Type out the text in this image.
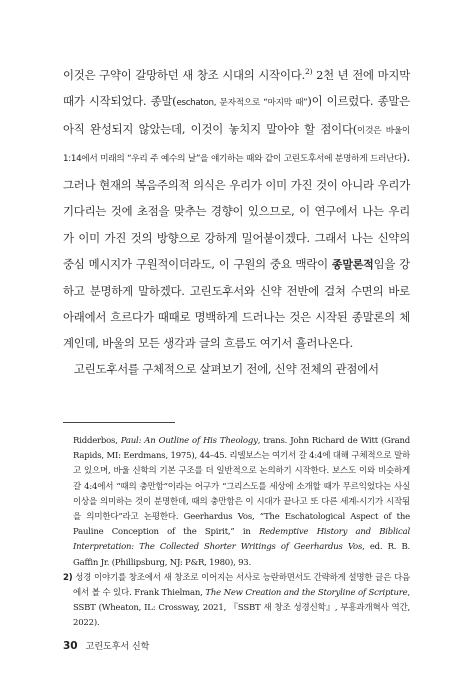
이것은 구약이 갈망하던 새 창조 시대의 시작이다.$^{2)}$ 2천 년 전에 마지막 때가 시작되었다. 종말(eschaton, 문자적으로 “마지막 때”)이 이르렀다. 종말은 아직 완성되지 않았는데, 이것이 놓치지 말아야 할 점이다(이것은 바울이 1:14에서 미래의 “우리 주 예수의 날”을 얘기하는 때와 같이 고린도후서에 분명하게 드러난다). 그러나 현재의 복음주의적 의식은 우리가 이미 가진 것이 아니라 우리가 기다리는 것에 초점을 맞추는 경향이 있으므로, 이 연구에서 나는 우리가 이미 가진 것의 방향으로 강하게 밀어붙이겠다. 그래서 나는 신약의 중심 메시지가 구원적이더라도, 이 구원의 중요 맥락이 종말론적임을 강하고 분명하게 말하겠다. 고린도후서와 신약 전반에 걸쳐 수면의 바로 아래에서 흐르다가 때때로 명백하게 드러나는 것은 시작된 종말론의 체계인데, 바울의 모든 생각과 글의 흐름도 여기서 흘러나온다.

고린도후서를 구체적으로 살펴보기 전에, 신약 전체의 관점에서

Ridderbos, Paul: An Outline of His Theology, trans. John Richard de Witt (Grand Rapids, MI: Eerdmans, 1975), 44–45. 리델보스는 여기서 갈 4:4에 대해 구체적으로 말하고 있으며, 바울 신학의 기본 구조를 더 일반적으로 논의하기 시작한다. 보스도 이와 비슷하게 갈 4:4에서 “때의 충만함”이라는 어구가 “그리스도를 세상에 소개할 때가 무르익었다는 사실 이상을 의미하는 것이 분명한데, 때의 충만함은 이 시대가 끝나고 또 다른 세계-시기가 시작됨을 의미한다”라고 논평한다. Geerhardus Vos, “The Eschatological Aspect of the Pauline Conception of the Spirit,” in Redemptive History and Biblical Interpretation: The Collected Shorter Writings of Geerhardus Vos, ed. R. B. Gaffin Jr. (Phillipsburg, NJ: P&R, 1980), 93.

2) 성경 이야기를 창조에서 새 창조로 이어지는 서사로 능란하면서도 간략하게 설명한 글은 다음에서 볼 수 있다. Frank Thielman, The New Creation and the Storyline of Scripture, SSBT (Wheaton, IL: Crossway, 2021, 『SSBT 새 창조 성경신학』, 부흥과개혁사 역간, 2022).

30 고린도후서 신학
